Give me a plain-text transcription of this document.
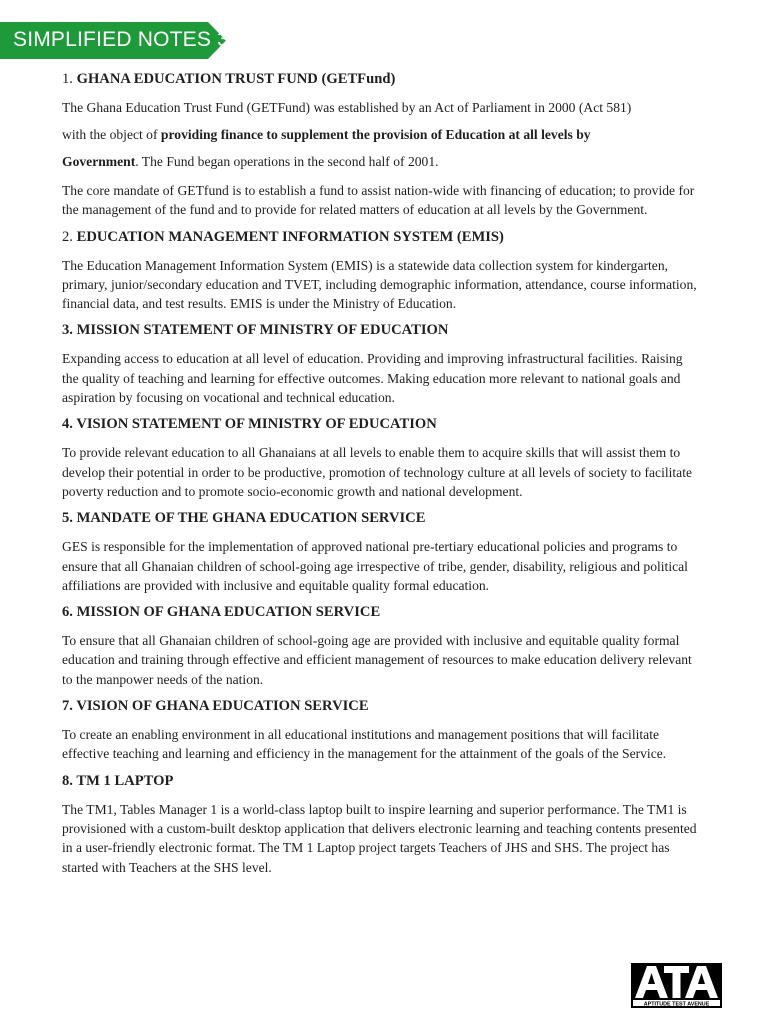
SIMPLIFIED NOTES 3
1. GHANA EDUCATION TRUST FUND (GETFund)
The Ghana Education Trust Fund (GETFund) was established by an Act of Parliament in 2000 (Act 581)
with the object of providing finance to supplement the provision of Education at all levels by
Government. The Fund began operations in the second half of 2001.
The core mandate of GETfund is to establish a fund to assist nation-wide with financing of education; to provide for the management of the fund and to provide for related matters of education at all levels by the Government.
2. EDUCATION MANAGEMENT INFORMATION SYSTEM (EMIS)
The Education Management Information System (EMIS) is a statewide data collection system for kindergarten, primary, junior/secondary education and TVET, including demographic information, attendance, course information, financial data, and test results. EMIS is under the Ministry of Education.
3. MISSION STATEMENT OF MINISTRY OF EDUCATION
Expanding access to education at all level of education. Providing and improving infrastructural facilities. Raising the quality of teaching and learning for effective outcomes. Making education more relevant to national goals and aspiration by focusing on vocational and technical education.
4. VISION STATEMENT OF MINISTRY OF EDUCATION
To provide relevant education to all Ghanaians at all levels to enable them to acquire skills that will assist them to develop their potential in order to be productive, promotion of technology culture at all levels of society to facilitate poverty reduction and to promote socio-economic growth and national development.
5. MANDATE OF THE GHANA EDUCATION SERVICE
GES is responsible for the implementation of approved national pre-tertiary educational policies and programs to ensure that all Ghanaian children of school-going age irrespective of tribe, gender, disability, religious and political affiliations are provided with inclusive and equitable quality formal education.
6. MISSION OF GHANA EDUCATION SERVICE
To ensure that all Ghanaian children of school-going age are provided with inclusive and equitable quality formal education and training through effective and efficient management of resources to make education delivery relevant to the manpower needs of the nation.
7. VISION OF GHANA EDUCATION SERVICE
To create an enabling environment in all educational institutions and management positions that will facilitate effective teaching and learning and efficiency in the management for the attainment of the goals of the Service.
8. TM 1 LAPTOP
The TM1, Tables Manager 1 is a world-class laptop built to inspire learning and superior performance. The TM1 is provisioned with a custom-built desktop application that delivers electronic learning and teaching contents presented in a user-friendly electronic format. The TM 1 Laptop project targets Teachers of JHS and SHS. The project has started with Teachers at the SHS level.
APTITUDE TEST AVENUE
